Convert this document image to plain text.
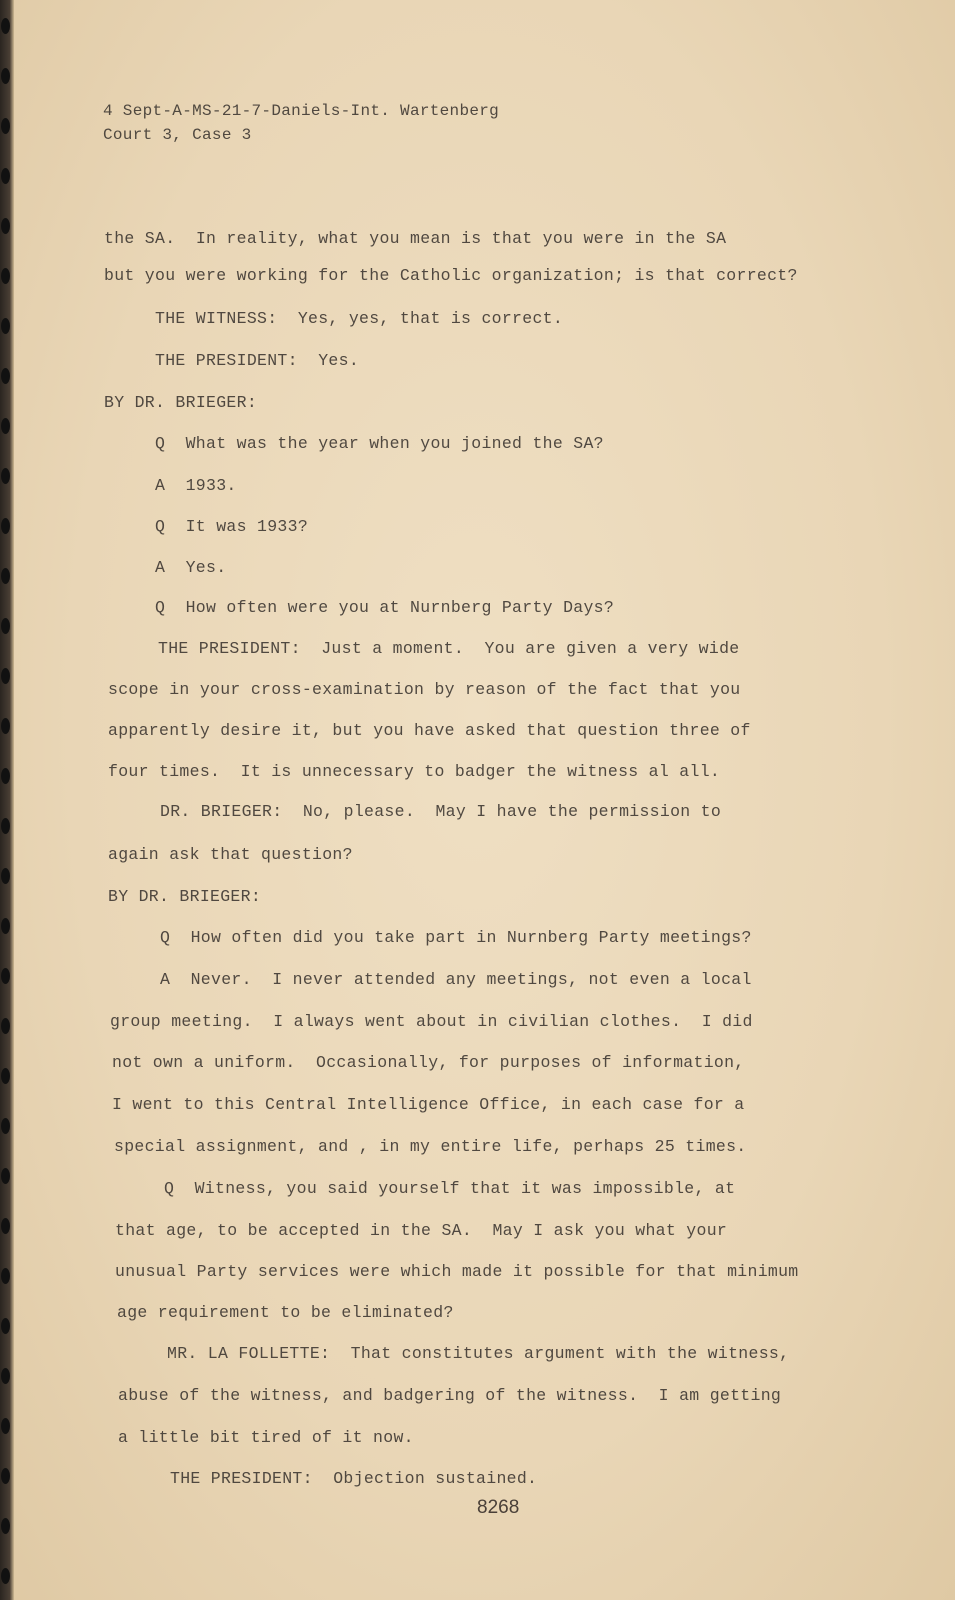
4 Sept-A-MS-21-7-Daniels-Int. Wartenberg
Court 3, Case 3
the SA.  In reality, what you mean is that you were in the SA
but you were working for the Catholic organization; is that correct?
THE WITNESS:  Yes, yes, that is correct.
THE PRESIDENT:  Yes.
BY DR. BRIEGER:
Q  What was the year when you joined the SA?
A  1933.
Q  It was 1933?
A  Yes.
Q  How often were you at Nurnberg Party Days?
THE PRESIDENT:  Just a moment.  You are given a very wide
scope in your cross-examination by reason of the fact that you
apparently desire it, but you have asked that question three of
four times.  It is unnecessary to badger the witness al all.
DR. BRIEGER:  No, please.  May I have the permission to
again ask that question?
BY DR. BRIEGER:
Q  How often did you take part in Nurnberg Party meetings?
A  Never.  I never attended any meetings, not even a local
group meeting.  I always went about in civilian clothes.  I did
not own a uniform.  Occasionally, for purposes of information,
I went to this Central Intelligence Office, in each case for a
special assignment, and , in my entire life, perhaps 25 times.
Q  Witness, you said yourself that it was impossible, at
that age, to be accepted in the SA.  May I ask you what your
unusual Party services were which made it possible for that minimum
age requirement to be eliminated?
MR. LA FOLLETTE:  That constitutes argument with the witness,
abuse of the witness, and badgering of the witness.  I am getting
a little bit tired of it now.
THE PRESIDENT:  Objection sustained.
8268
